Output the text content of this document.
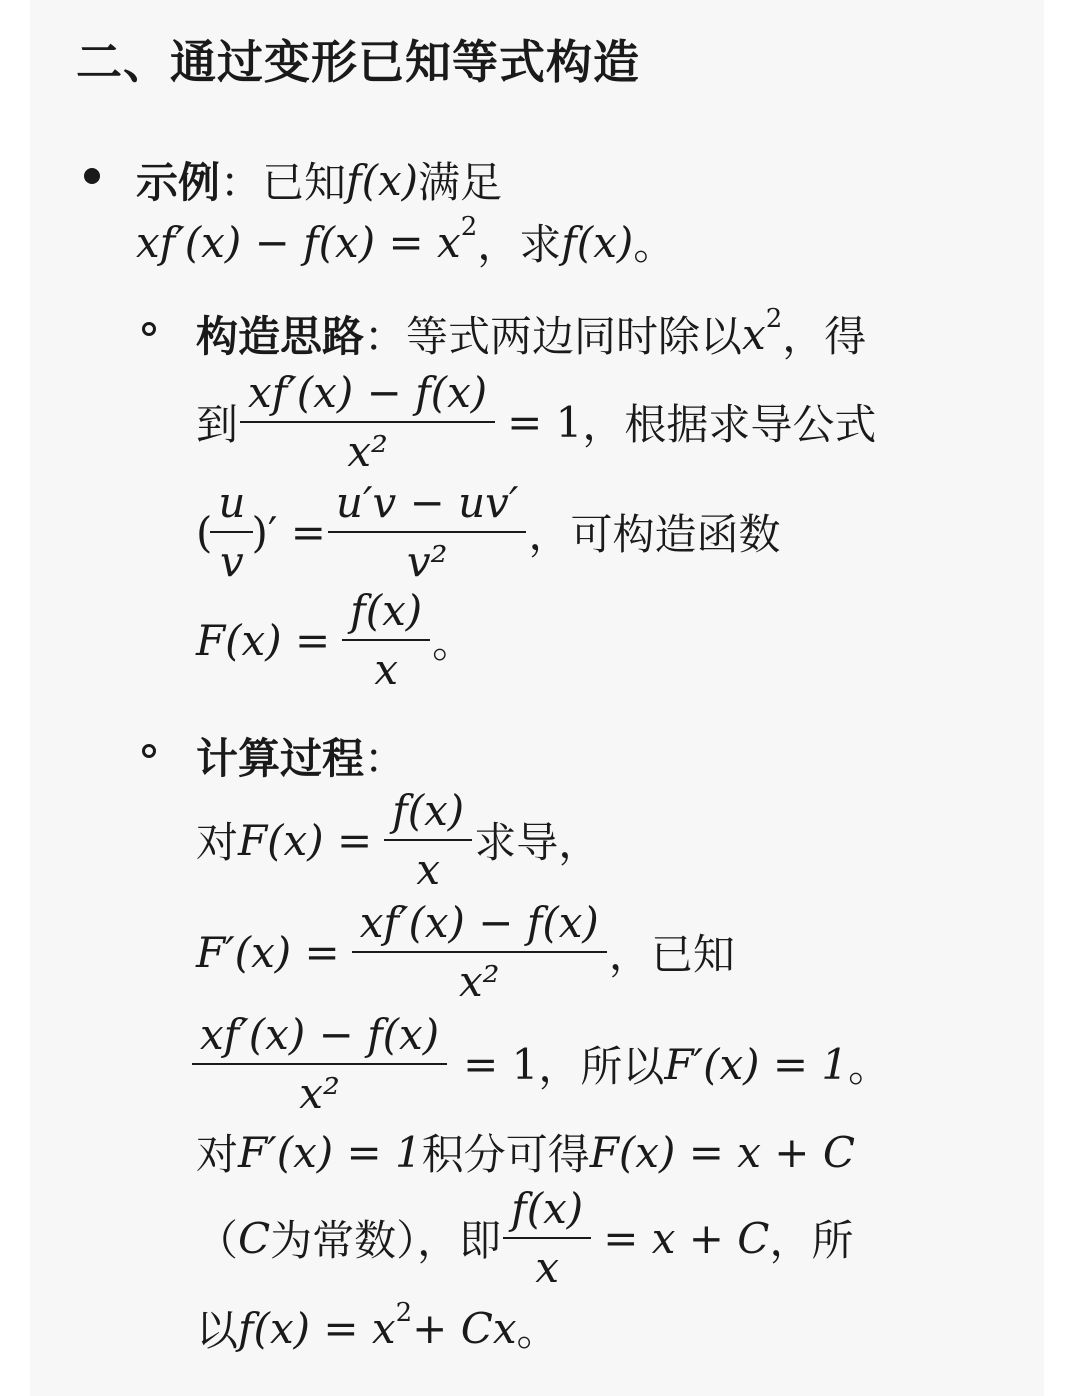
二、通过变形已知等式构造
示例 ：已知 f(x) 满足
$xf'(x) - f(x) = x^2$ ，求 f(x) 。
构造思路 ：等式两边同时除以 $x^2$ ，得
到 $\frac{xf'(x) - f(x)}{\text{x²}} = 1$ ，根据求导公式
( $\frac{u}{v}$ )′ = $\frac{u'v - uv'}{\text{v²}}$ ，可构造函数
$F(x) = \frac{f(x)}{x}$ 。
计算过程 ：
对 $F(x) = \frac{f(x)}{x}$ 求导，
$F'(x) = \frac{xf'(x) - f(x)}{\text{x²}}$ ，已知
$\frac{xf'(x) - f(x)}{\text{x²}} = 1$ ，所以 F′(x) = 1 。
对 F′(x) = 1 积分可得 F(x) = x + C
（ C 为常数），即 $\frac{f(x)}{x} = x + C$ ，所
以 $f(x) = x^2 + Cx$ 。
